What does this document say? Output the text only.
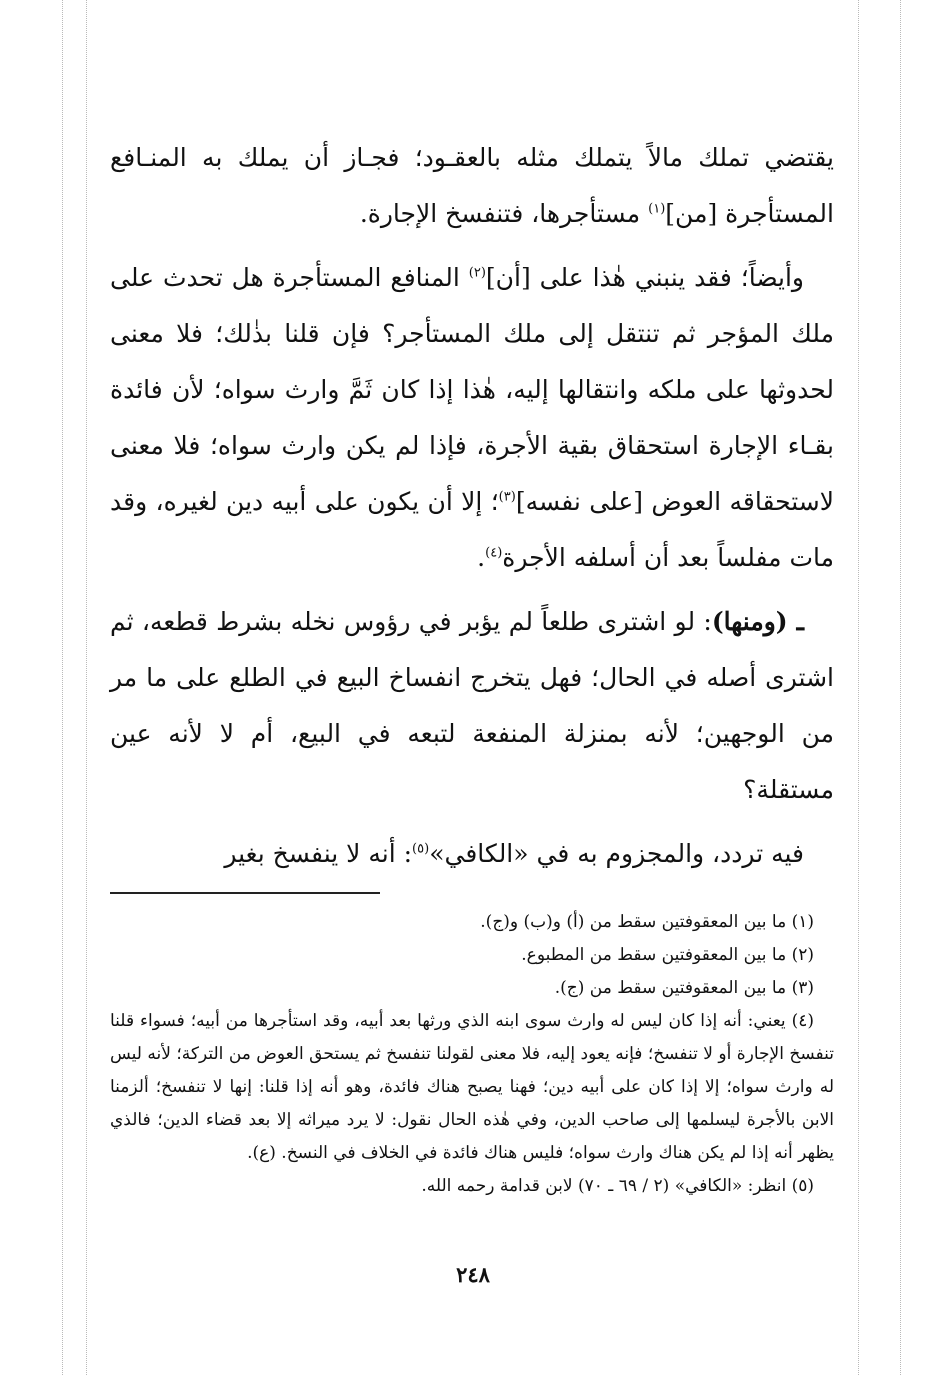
يقتضي تملك مالاً يتملك مثله بالعقـود؛ فجـاز أن يملك به المنـافع المستأجرة [من]$^{(١)}$ مستأجرها، فتنفسخ الإجارة.

وأيضاً؛ فقد ينبني هٰذا على [أن]$^{(٢)}$ المنافع المستأجرة هل تحدث على ملك المؤجر ثم تنتقل إلى ملك المستأجر؟ فإن قلنا بذٰلك؛ فلا معنى لحدوثها على ملكه وانتقالها إليه، هٰذا إذا كان ثَمَّ وارث سواه؛ لأن فائدة بقـاء الإجارة استحقاق بقية الأجرة، فإذا لم يكن وارث سواه؛ فلا معنى لاستحقاقه العوض [على نفسه]$^{(٣)}$؛ إلا أن يكون على أبيه دين لغيره، وقد مات مفلساً بعد أن أسلفه الأجرة$^{(٤)}$.

ـ (ومنها): لو اشترى طلعاً لم يؤبر في رؤوس نخله بشرط قطعه، ثم اشترى أصله في الحال؛ فهل يتخرج انفساخ البيع في الطلع على ما مر من الوجهين؛ لأنه بمنزلة المنفعة لتبعه في البيع، أم لا لأنه عين مستقلة؟

فيه تردد، والمجزوم به في «الكافي»$^{(٥)}$: أنه لا ينفسخ بغير

(١) ما بين المعقوفتين سقط من (أ) و(ب) و(ج).

(٢) ما بين المعقوفتين سقط من المطبوع.

(٣) ما بين المعقوفتين سقط من (ج).

(٤) يعني: أنه إذا كان ليس له وارث سوى ابنه الذي ورثها بعد أبيه، وقد استأجرها من أبيه؛ فسواء قلنا تنفسخ الإجارة أو لا تنفسخ؛ فإنه يعود إليه، فلا معنى لقولنا تنفسخ ثم يستحق العوض من التركة؛ لأنه ليس له وارث سواه؛ إلا إذا كان على أبيه دين؛ فهنا يصبح هناك فائدة، وهو أنه إذا قلنا: إنها لا تنفسخ؛ ألزمنا الابن بالأجرة ليسلمها إلى صاحب الدين، وفي هٰذه الحال نقول: لا يرد ميراثه إلا بعد قضاء الدين؛ فالذي يظهر أنه إذا لم يكن هناك وارث سواه؛ فليس هناك فائدة في الخلاف في النسخ. (ع).

(٥) انظر: «الكافي» (٢ / ٦٩ ـ ٧٠) لابن قدامة رحمه الله.

٢٤٨
